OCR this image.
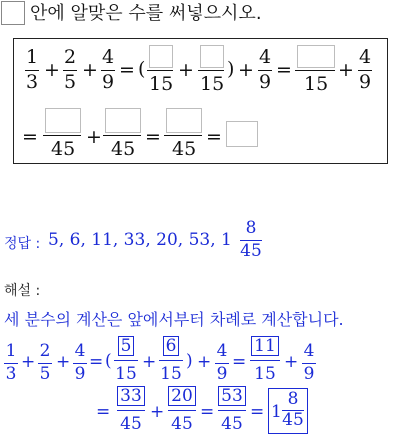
안에 알맞은 수를 써넣으시오.
1
3
+
2
5
+
4
9
= (
15
+
15
) +
4
9
=
15
+
4
9
=
45
+
45
=
45
=
정답 : 5, 6, 11, 33, 20, 53, 1
8
45
해설 :
세 분수의 계산은 앞에서부터 차례로 계산합니다.
1
3
+
2
5
+
4
9
= ( $\frac{5}{15} + \frac{6}{15}$ ) +
4
9
= $\frac{11}{15}$ +
4
9
= $\frac{33}{45} + \frac{20}{45} = \frac{53}{45} = 1$
8
45
